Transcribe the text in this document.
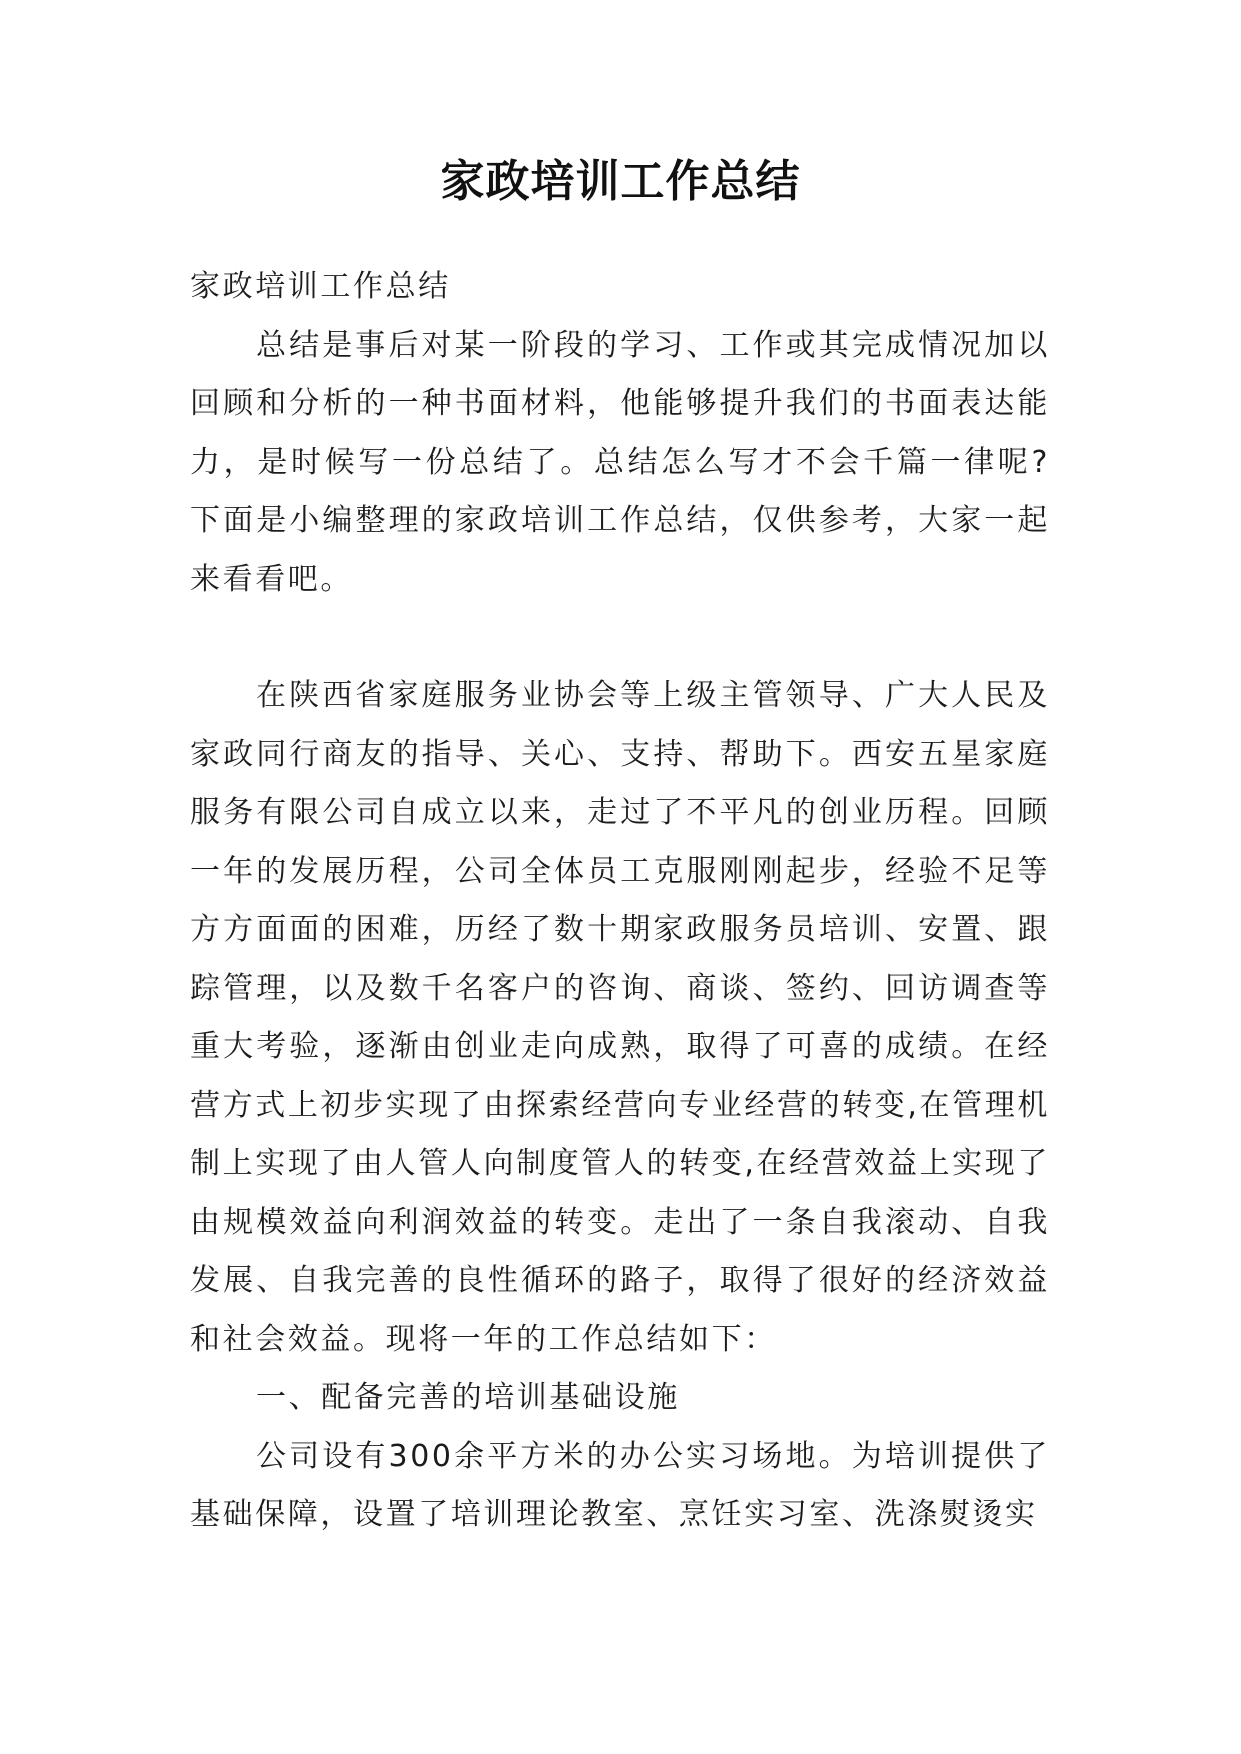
家政培训工作总结

家政培训工作总结

总结是事后对某一阶段的学习、工作或其完成情况加以回顾和分析的一种书面材料，他能够提升我们的书面表达能力，是时候写一份总结了。总结怎么写才不会千篇一律呢?下面是小编整理的家政培训工作总结，仅供参考，大家一起来看看吧。

在陕西省家庭服务业协会等上级主管领导、广大人民及家政同行商友的指导、关心、支持、帮助下。西安五星家庭服务有限公司自成立以来，走过了不平凡的创业历程。回顾一年的发展历程，公司全体员工克服刚刚起步，经验不足等方方面面的困难，历经了数十期家政服务员培训、安置、跟踪管理，以及数千名客户的咨询、商谈、签约、回访调查等重大考验，逐渐由创业走向成熟，取得了可喜的成绩。在经营方式上初步实现了由探索经营向专业经营的转变,在管理机制上实现了由人管人向制度管人的转变,在经营效益上实现了由规模效益向利润效益的转变。走出了一条自我滚动、自我发展、自我完善的良性循环的路子，取得了很好的经济效益和社会效益。现将一年的工作总结如下：

一、配备完善的培训基础设施

公司设有300余平方米的办公实习场地。为培训提供了基础保障，设置了培训理论教室、烹饪实习室、洗涤熨烫实
